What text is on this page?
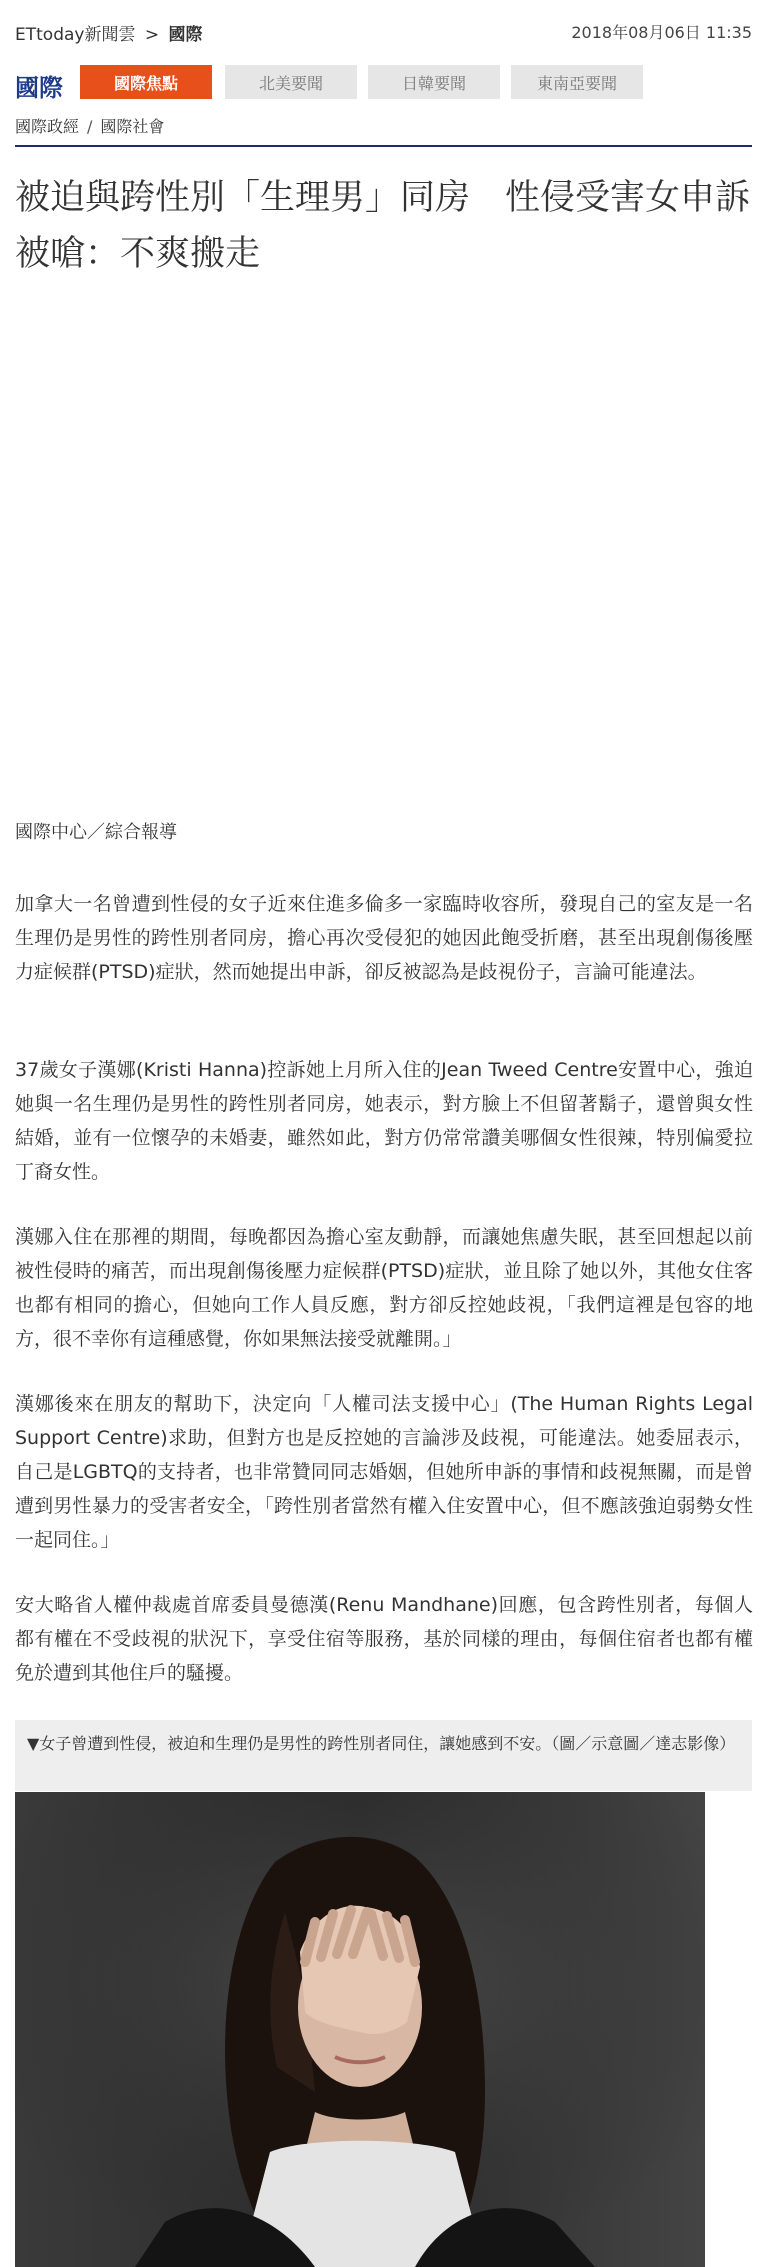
ETtoday新聞雲 > 國際	2018年08月06日 11:35
國際	國際焦點	北美要聞	日韓要聞	東南亞要聞
國際政經 / 國際社會
被迫與跨性別「生理男」同房　性侵受害女申訴被嗆：不爽搬走
國際中心／綜合報導

加拿大一名曾遭到性侵的女子近來住進多倫多一家臨時收容所，發現自己的室友是一名生理仍是男性的跨性別者同房，擔心再次受侵犯的她因此飽受折磨，甚至出現創傷後壓力症候群(PTSD)症狀，然而她提出申訴，卻反被認為是歧視份子，言論可能違法。

37歲女子漢娜(Kristi Hanna)控訴她上月所入住的Jean Tweed Centre安置中心，強迫她與一名生理仍是男性的跨性別者同房，她表示，對方臉上不但留著鬍子，還曾與女性結婚，並有一位懷孕的未婚妻，雖然如此，對方仍常常讚美哪個女性很辣，特別偏愛拉丁裔女性。

漢娜入住在那裡的期間，每晚都因為擔心室友動靜，而讓她焦慮失眠，甚至回想起以前被性侵時的痛苦，而出現創傷後壓力症候群(PTSD)症狀，並且除了她以外，其他女住客也都有相同的擔心，但她向工作人員反應，對方卻反控她歧視，「我們這裡是包容的地方，很不幸你有這種感覺，你如果無法接受就離開。」

漢娜後來在朋友的幫助下，決定向「人權司法支援中心」(The Human Rights Legal Support Centre)求助，但對方也是反控她的言論涉及歧視，可能違法。她委屈表示，自己是LGBTQ的支持者，也非常贊同同志婚姻，但她所申訴的事情和歧視無關，而是曾遭到男性暴力的受害者安全，「跨性別者當然有權入住安置中心，但不應該強迫弱勢女性一起同住。」

安大略省人權仲裁處首席委員曼德漢(Renu Mandhane)回應，包含跨性別者，每個人都有權在不受歧視的狀況下，享受住宿等服務，基於同樣的理由，每個住宿者也都有權免於遭到其他住戶的騷擾。

▼女子曾遭到性侵，被迫和生理仍是男性的跨性別者同住，讓她感到不安。（圖／示意圖／達志影像）
